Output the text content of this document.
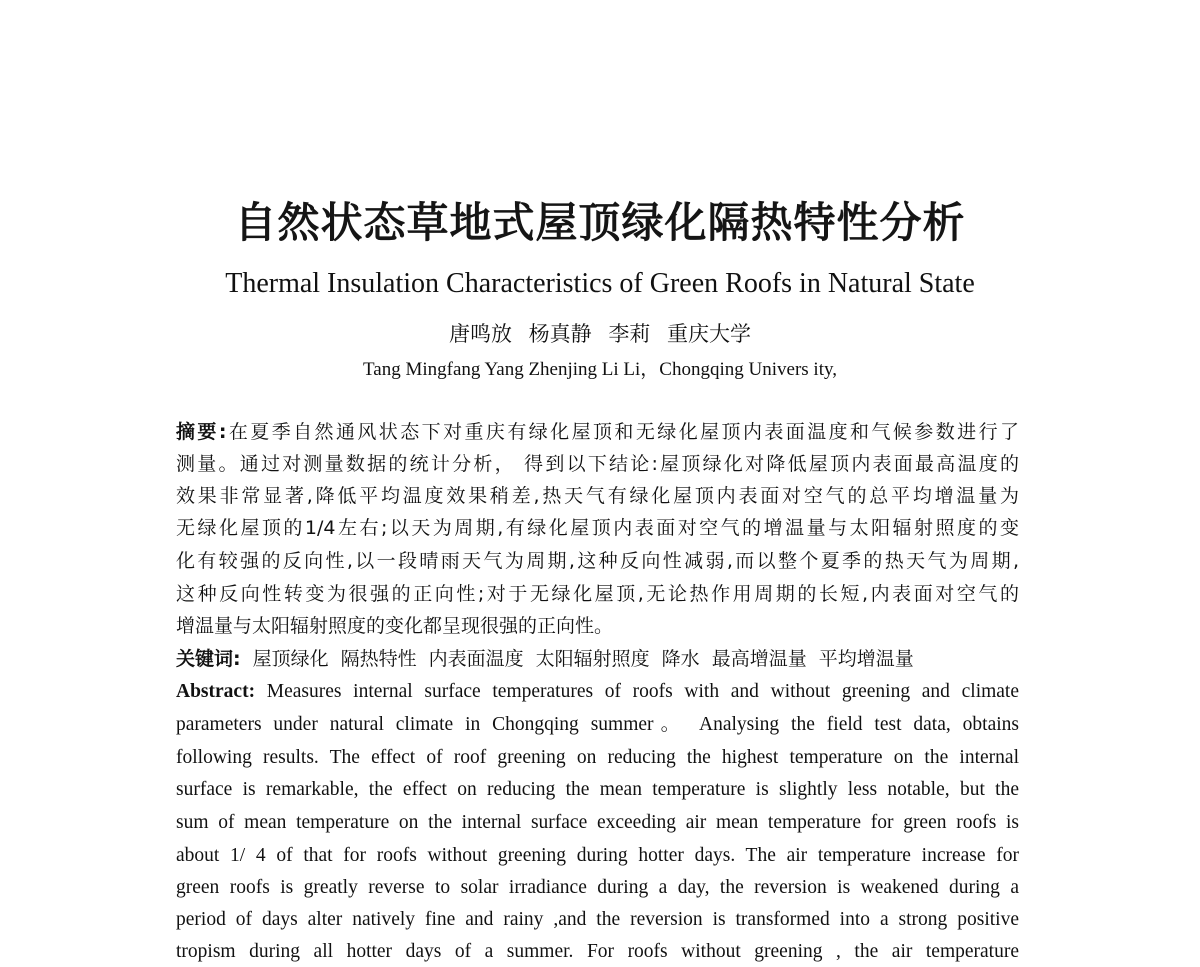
自然状态草地式屋顶绿化隔热特性分析
Thermal Insulation Characteristics of Green Roofs in Natural State
唐鸣放 杨真静 李莉 重庆大学
Tang Mingfang Yang Zhenjing Li Li，Chongqing Univers ity,
摘要:在夏季自然通风状态下对重庆有绿化屋顶和无绿化屋顶内表面温度和气候参数进行了
测量。通过对测量数据的统计分析， 得到以下结论:屋顶绿化对降低屋顶内表面最高温度的
效果非常显著,降低平均温度效果稍差,热天气有绿化屋顶内表面对空气的总平均增温量为
无绿化屋顶的1/4左右;以天为周期,有绿化屋顶内表面对空气的增温量与太阳辐射照度的变
化有较强的反向性,以一段晴雨天气为周期,这种反向性减弱,而以整个夏季的热天气为周期,
这种反向性转变为很强的正向性;对于无绿化屋顶,无论热作用周期的长短,内表面对空气的
增温量与太阳辐射照度的变化都呈现很强的正向性。
关键词: 屋顶绿化 隔热特性 内表面温度 太阳辐射照度 降水 最高增温量 平均增温量
Abstract: Measures internal surface temperatures of roofs with and without greening and climate
parameters under natural climate in Chongqing summer。 Analysing the field test data, obtains
following results. The effect of roof greening on reducing the highest temperature on the internal
surface is remarkable, the effect on reducing the mean temperature is slightly less notable, but the
sum of mean temperature on the internal surface exceeding air mean temperature for green roofs is
about 1/ 4 of that for roofs without greening during hotter days. The air temperature increase for
green roofs is greatly reverse to solar irradiance during a day, the reversion is weakened during a
period of days alter natively fine and rainy ,and the reversion is transformed into a strong positive
tropism during all hotter days of a summer. For roofs without greening , the air temperature
